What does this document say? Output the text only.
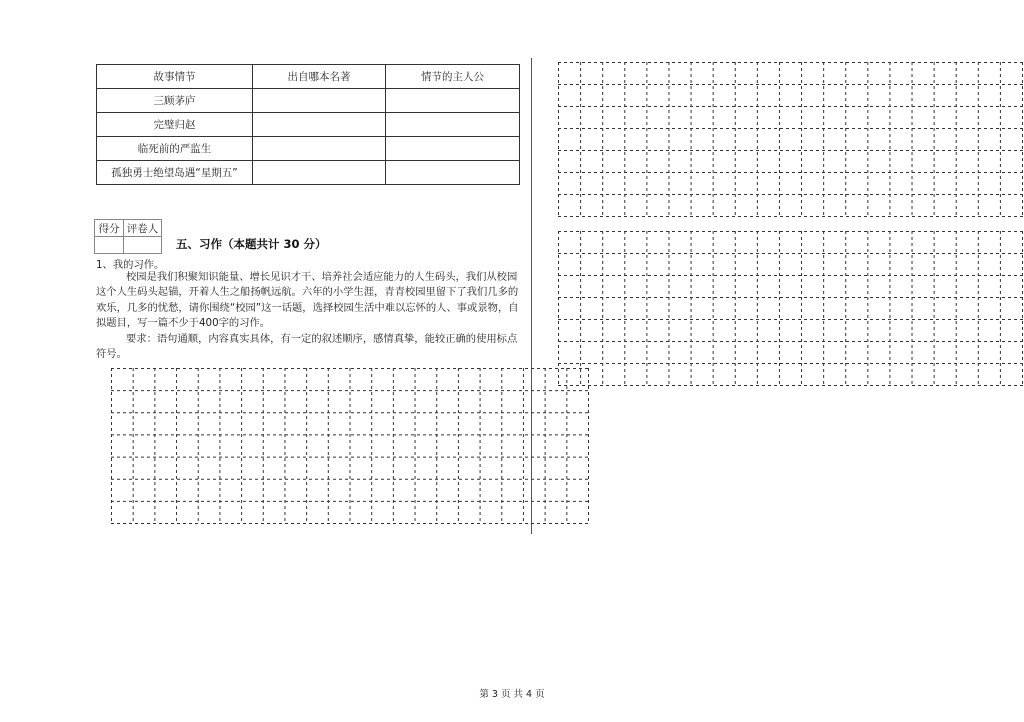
故事情节	出自哪本名著	情节的主人公
三顾茅庐		
完璧归赵		
临死前的严监生		
孤独勇士绝望岛遇“星期五”		
得分	评卷人

五、习作（本题共计 30 分）
1、我的习作。
校园是我们积聚知识能量、增长见识才干、培养社会适应能力的人生码头，我们从校园这个人生码头起锚，开着人生之船扬帆远航。六年的小学生涯，青青校园里留下了我们几多的欢乐，几多的忧愁，请你围绕“校园”这一话题，选择校园生活中难以忘怀的人、事或景物，自拟题目，写一篇不少于400字的习作。
要求：语句通顺，内容真实具体，有一定的叙述顺序，感情真挚，能较正确的使用标点符号。
第 3 页 共 4 页
